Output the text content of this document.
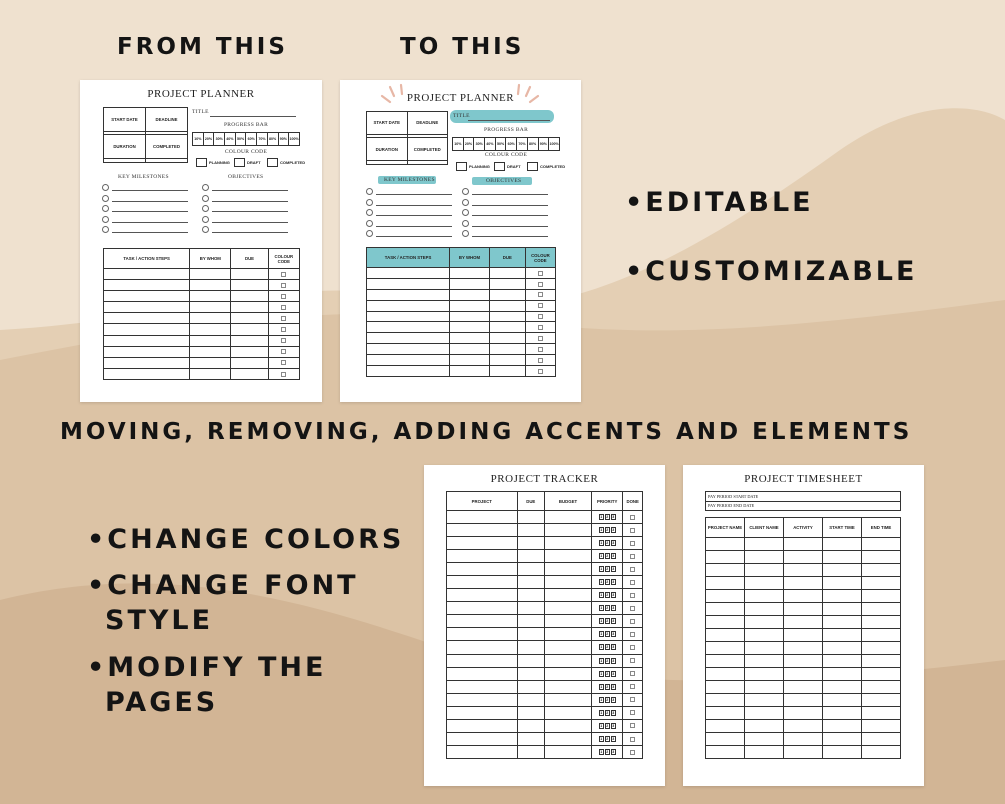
FROM THIS	TO THIS
MOVING, REMOVING, ADDING ACCENTS AND ELEMENTS
•EDITABLE
•CUSTOMIZABLE
•CHANGE COLORS
•CHANGE FONT
STYLE
•MODIFY THE
PAGES
PROJECT PLANNER
START DATE	DEADLINE

DURATION	COMPLETED

TITLE
PROGRESS BAR
10%	20%	30%	40%	50%	60%	70%	80%	90%	100%
COLOUR CODE
PLANNING	DRAFT	COMPLETED
KEY MILESTONES	OBJECTIVES
TASK / ACTION STEPS	BY WHOM	DUE	COLOUR CODE

PROJECT PLANNER
START DATE	DEADLINE

DURATION	COMPLETED

TITLE
PROGRESS BAR
10%	20%	30%	40%	50%	60%	70%	80%	90%	100%
COLOUR CODE
PLANNING	DRAFT	COMPLETED
KEY MILESTONES	OBJECTIVES
TASK / ACTION STEPS	BY WHOM	DUE	COLOUR CODE

PROJECT TRACKER
PROJECT	DUE	BUDGET	PRIORITY	DONE
			1 2 3	
			1 2 3	
			1 2 3	
			1 2 3	
			1 2 3	
			1 2 3	
			1 2 3	
			1 2 3	
			1 2 3	
			1 2 3	
			1 2 3	
			1 2 3	
			1 2 3	
			1 2 3	
			1 2 3	
			1 2 3	
			1 2 3	
			1 2 3	
			1 2 3	
PROJECT TIMESHEET
PAY PERIOD START DATE
PAY PERIOD END DATE
PROJECT NAME	CLIENT NAME	ACTIVITY	START TIME	END TIME
